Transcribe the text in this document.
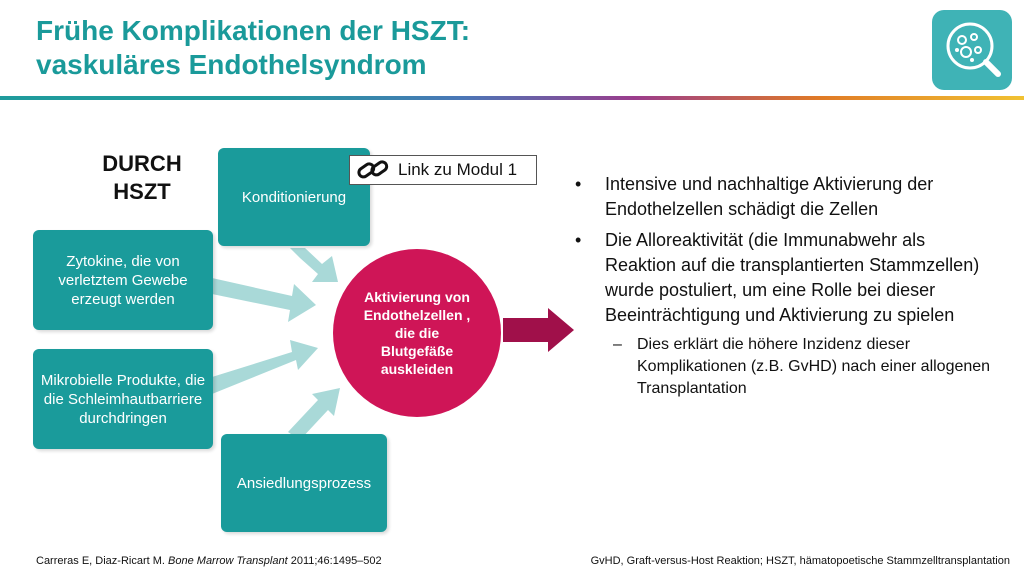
Frühe Komplikationen der HSZT:
vaskuläres Endothelsyndrom
DURCH
HSZT	Konditionierung
Zytokine, die von verletztem Gewebe erzeugt werden
Mikrobielle Produkte, die die Schleimhautbarriere durchdringen
Ansiedlungsprozess
Aktivierung von Endothelzellen , die die Blutgefäße auskleiden
Link zu Modul 1
• Intensive und nachhaltige Aktivierung der Endothelzellen schädigt die Zellen
• Die Alloreaktivität (die Immunabwehr als Reaktion auf die transplantierten Stammzellen) wurde postuliert, um eine Rolle bei dieser Beeinträchtigung und Aktivierung zu spielen
– Dies erklärt die höhere Inzidenz dieser Komplikationen (z.B. GvHD) nach einer allogenen Transplantation
Carreras E, Diaz-Ricart M. Bone Marrow Transplant 2011;46:1495–502	GvHD, Graft-versus-Host Reaktion; HSZT, hämatopoetische Stammzelltransplantation
